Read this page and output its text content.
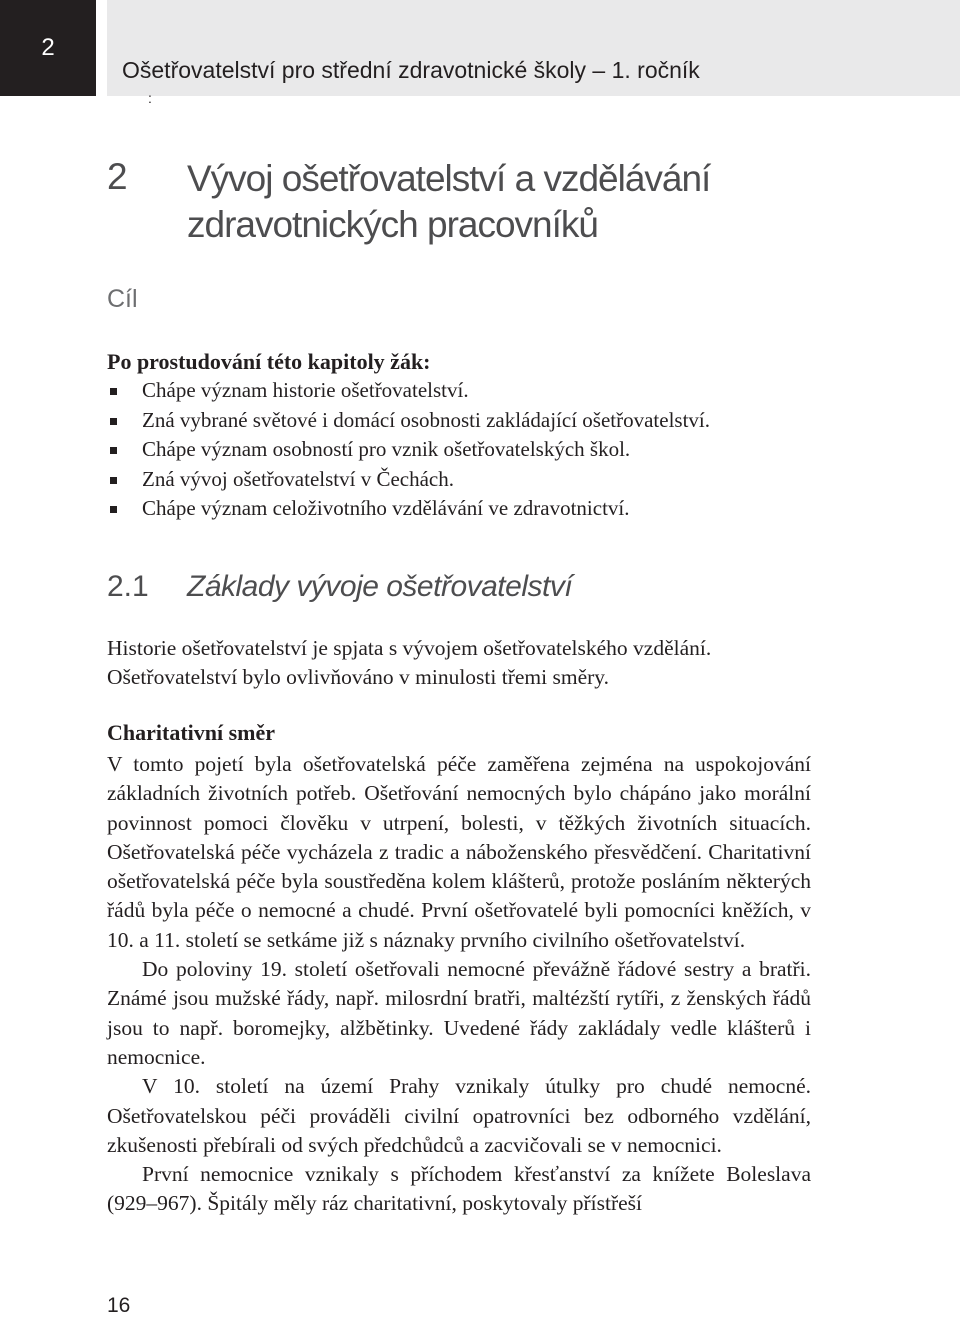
2
Ošetřovatelství pro střední zdravotnické školy – 1. ročník
:
2 Vývoj ošetřovatelství a vzdělávání
zdravotnických pracovníků
Cíl
Po prostudování této kapitoly žák:
Chápe význam historie ošetřovatelství.
Zná vybrané světové i domácí osobnosti zakládající ošetřovatelství.
Chápe význam osobností pro vznik ošetřovatelských škol.
Zná vývoj ošetřovatelství v Čechách.
Chápe význam celoživotního vzdělávání ve zdravotnictví.
2.1 Základy vývoje ošetřovatelství

Historie ošetřovatelství je spjata s vývojem ošetřovatelského vzdělání. Ošetřovatelství bylo ovlivňováno v minulosti třemi směry.

Charitativní směr

V tomto pojetí byla ošetřovatelská péče zaměřena zejména na uspokojování základních životních potřeb. Ošetřování nemocných bylo chápáno jako morální povinnost pomoci člověku v utrpení, bolesti, v těžkých životních situacích. Ošetřovatelská péče vycházela z tradic a náboženského přesvědčení. Charitativní ošetřovatelská péče byla soustředěna kolem klášterů, protože posláním některých řádů byla péče o nemocné a chudé. První ošetřovatelé byli pomocníci kněžích, v 10. a 11. století se setkáme již s náznaky prvního civilního ošetřovatelství.

Do poloviny 19. století ošetřovali nemocné převážně řádové sestry a bratři. Známé jsou mužské řády, např. milosrdní bratři, maltézští rytíři, z ženských řádů jsou to např. boromejky, alžbětinky. Uvedené řády zakládaly vedle klášterů i nemocnice.

V 10. století na území Prahy vznikaly útulky pro chudé nemocné. Ošetřovatelskou péči prováděli civilní opatrovníci bez odborného vzdělání, zkušenosti přebírali od svých předchůdců a zacvičovali se v nemocnici.

První nemocnice vznikaly s příchodem křesťanství za knížete Boleslava (929–967). Špitály měly ráz charitativní, poskytovaly přístřeší

16
